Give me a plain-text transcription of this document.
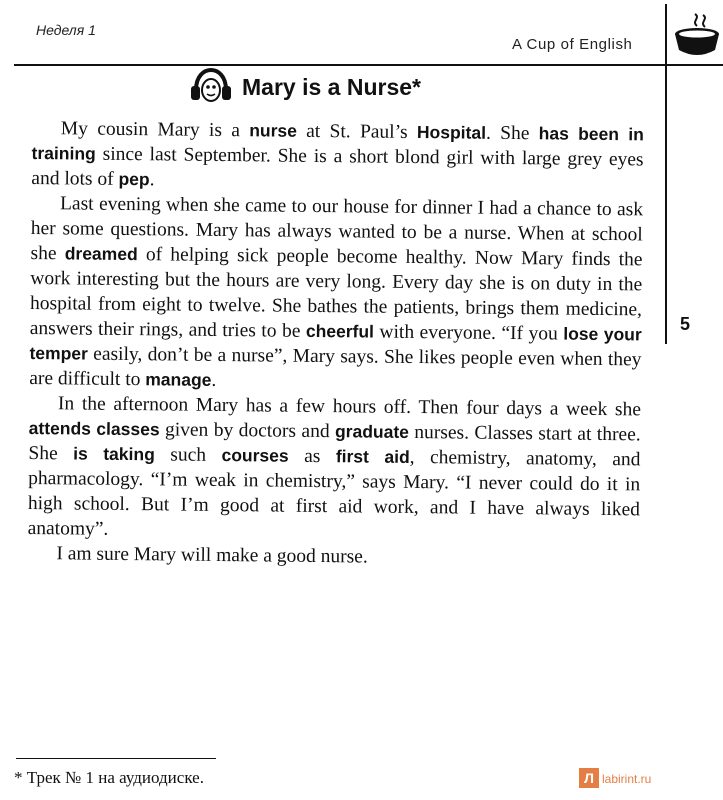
Неделя 1
A Cup of English
5
Mary is a Nurse*

My cousin Mary is a nurse at St. Paul’s Hospital. She has been in training since last September. She is a short blond girl with large grey eyes and lots of pep.

Last evening when she came to our house for dinner I had a chance to ask her some questions. Mary has always wanted to be a nurse. When at school she dreamed of helping sick people become healthy. Now Mary finds the work interesting but the hours are very long. Every day she is on duty in the hospital from eight to twelve. She bathes the patients, brings them medicine, answers their rings, and tries to be cheerful with everyone. “If you lose your temper easily, don’t be a nurse”, Mary says. She likes people even when they are difficult to manage.

In the afternoon Mary has a few hours off. Then four days a week she attends classes given by doctors and graduate nurses. Classes start at three. She is taking such courses as first aid, chemistry, anatomy, and pharmacology. “I’m weak in chemistry,” says Mary. “I never could do it in high school. But I’m good at first aid work, and I have always liked anatomy”.

I am sure Mary will make a good nurse.

* Трек № 1 на аудиодиске.	Л labirint.ru
